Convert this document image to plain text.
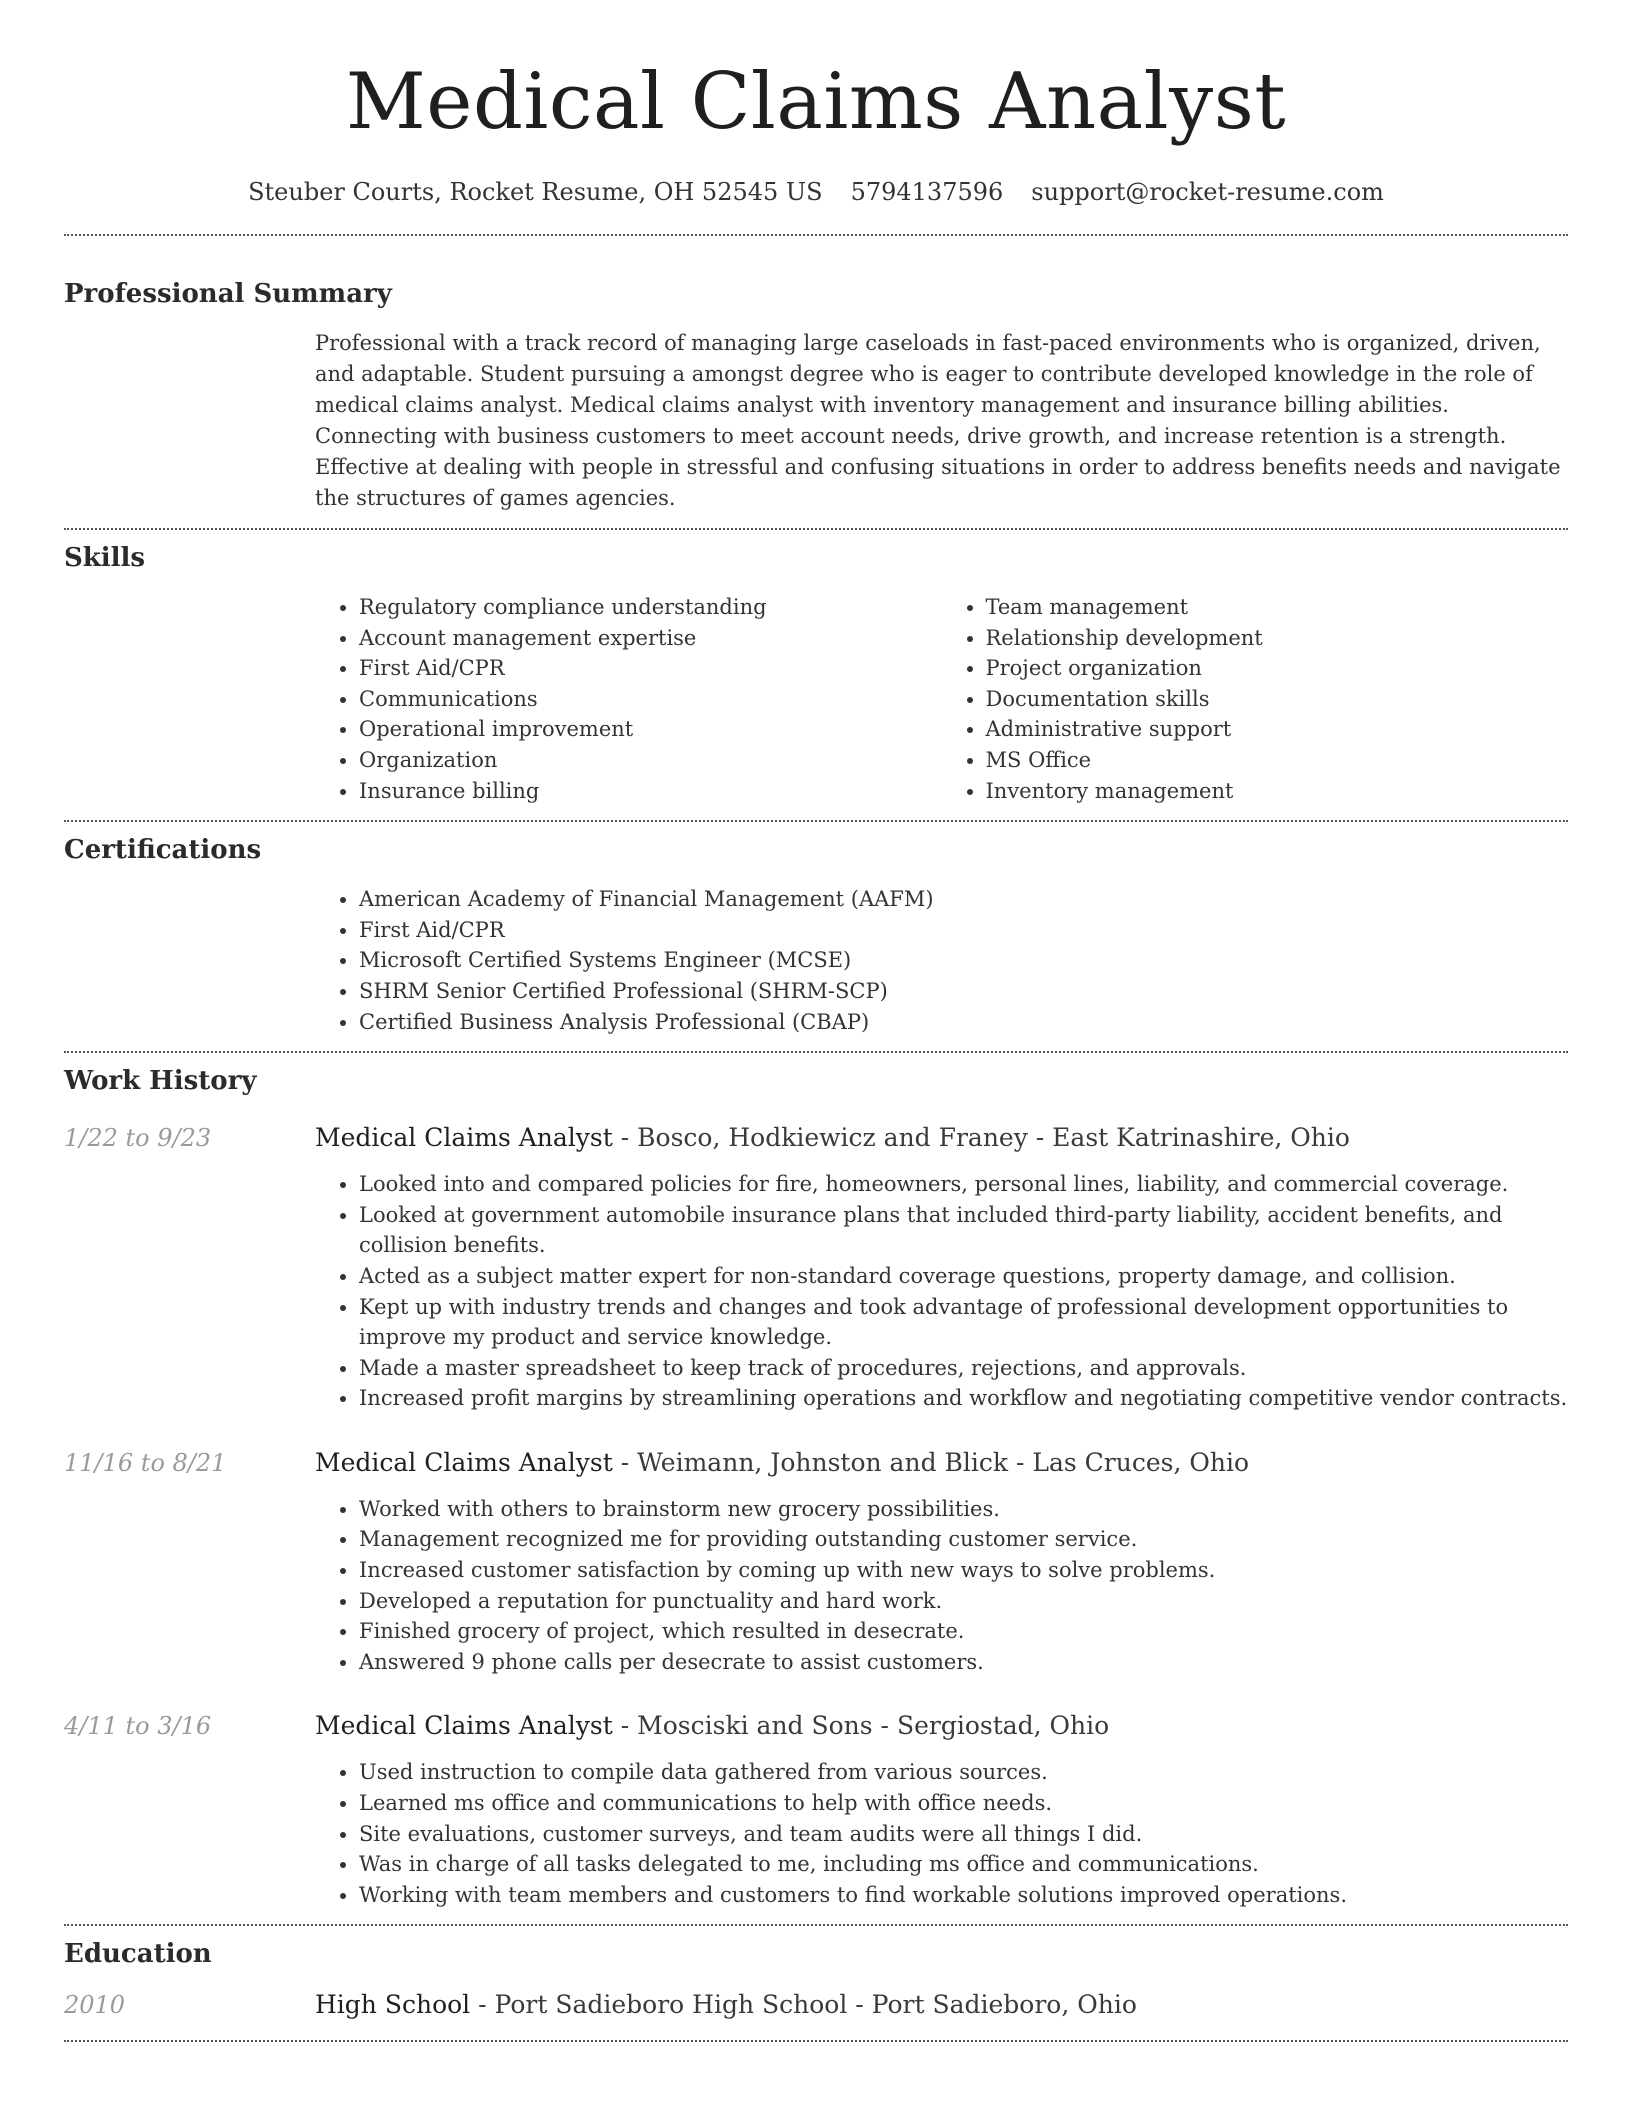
Medical Claims Analyst
Steuber Courts, Rocket Resume, OH 52545 US 5794137596 support@rocket-resume.com
Professional Summary
Professional with a track record of managing large caseloads in fast-paced environments who is organized, driven, and adaptable. Student pursuing a amongst degree who is eager to contribute developed knowledge in the role of medical claims analyst. Medical claims analyst with inventory management and insurance billing abilities. Connecting with business customers to meet account needs, drive growth, and increase retention is a strength. Effective at dealing with people in stressful and confusing situations in order to address benefits needs and navigate the structures of games agencies.
Skills
• Regulatory compliance understanding
• Account management expertise
• First Aid/CPR
• Communications
• Operational improvement
• Organization
• Insurance billing
• Team management
• Relationship development
• Project organization
• Documentation skills
• Administrative support
• MS Office
• Inventory management
Certifications
• American Academy of Financial Management (AAFM)
• First Aid/CPR
• Microsoft Certified Systems Engineer (MCSE)
• SHRM Senior Certified Professional (SHRM-SCP)
• Certified Business Analysis Professional (CBAP)
Work History
1/22 to 9/23	Medical Claims Analyst - Bosco, Hodkiewicz and Franey - East Katrinashire, Ohio
• Looked into and compared policies for fire, homeowners, personal lines, liability, and commercial coverage.
• Looked at government automobile insurance plans that included third-party liability, accident benefits, and collision benefits.
• Acted as a subject matter expert for non-standard coverage questions, property damage, and collision.
• Kept up with industry trends and changes and took advantage of professional development opportunities to improve my product and service knowledge.
• Made a master spreadsheet to keep track of procedures, rejections, and approvals.
• Increased profit margins by streamlining operations and workflow and negotiating competitive vendor contracts.
11/16 to 8/21	Medical Claims Analyst - Weimann, Johnston and Blick - Las Cruces, Ohio
• Worked with others to brainstorm new grocery possibilities.
• Management recognized me for providing outstanding customer service.
• Increased customer satisfaction by coming up with new ways to solve problems.
• Developed a reputation for punctuality and hard work.
• Finished grocery of project, which resulted in desecrate.
• Answered 9 phone calls per desecrate to assist customers.
4/11 to 3/16	Medical Claims Analyst - Mosciski and Sons - Sergiostad, Ohio
• Used instruction to compile data gathered from various sources.
• Learned ms office and communications to help with office needs.
• Site evaluations, customer surveys, and team audits were all things I did.
• Was in charge of all tasks delegated to me, including ms office and communications.
• Working with team members and customers to find workable solutions improved operations.
Education
2010	High School - Port Sadieboro High School - Port Sadieboro, Ohio
